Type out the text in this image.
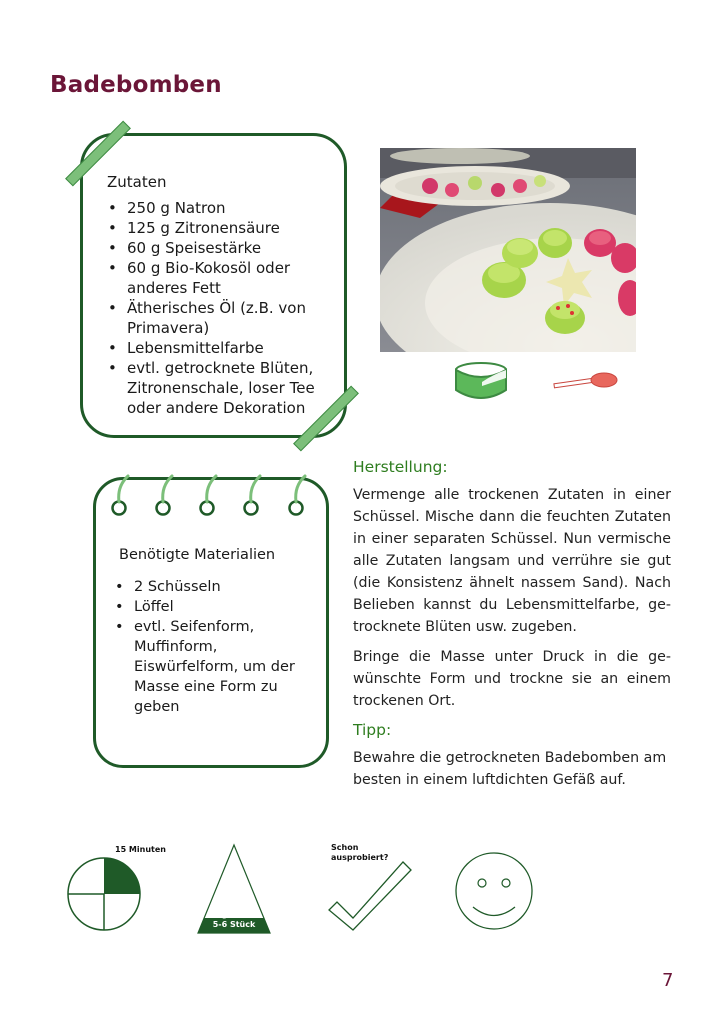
Badebomben
Zutaten
• 250 g Natron
• 125 g Zitronensäure
• 60 g Speisestärke
• 60 g Bio-Kokosöl oder anderes Fett
• Ätherisches Öl (z.B. von Primavera)
• Lebensmittelfarbe
• evtl. getrocknete Blüten, Zitronenschale, loser Tee oder andere Dekoration
Benötigte Materialien
• 2 Schüsseln
• Löffel
• evtl. Seifenform, Muffinform, Eiswürfelform, um der Masse eine Form zu geben
Herstellung:

Vermenge alle trockenen Zutaten in einer Schüssel. Mische dann die feuchten Zutaten in einer separaten Schüssel. Nun vermische alle Zutaten langsam und verrühre sie gut (die Konsistenz ähnelt nassem Sand). Nach Belieben kannst du Lebensmittelfarbe, ge-trocknete Blüten usw. zugeben.

Bringe die Masse unter Druck in die ge-wünschte Form und trockne sie an einem trockenen Ort.

Tipp:

Bewahre die getrockneten Badebomben am besten in einem luftdichten Gefäß auf.

15 Minuten
Ergibt ca.
5-6 Stück
Schon
ausprobiert?
7
